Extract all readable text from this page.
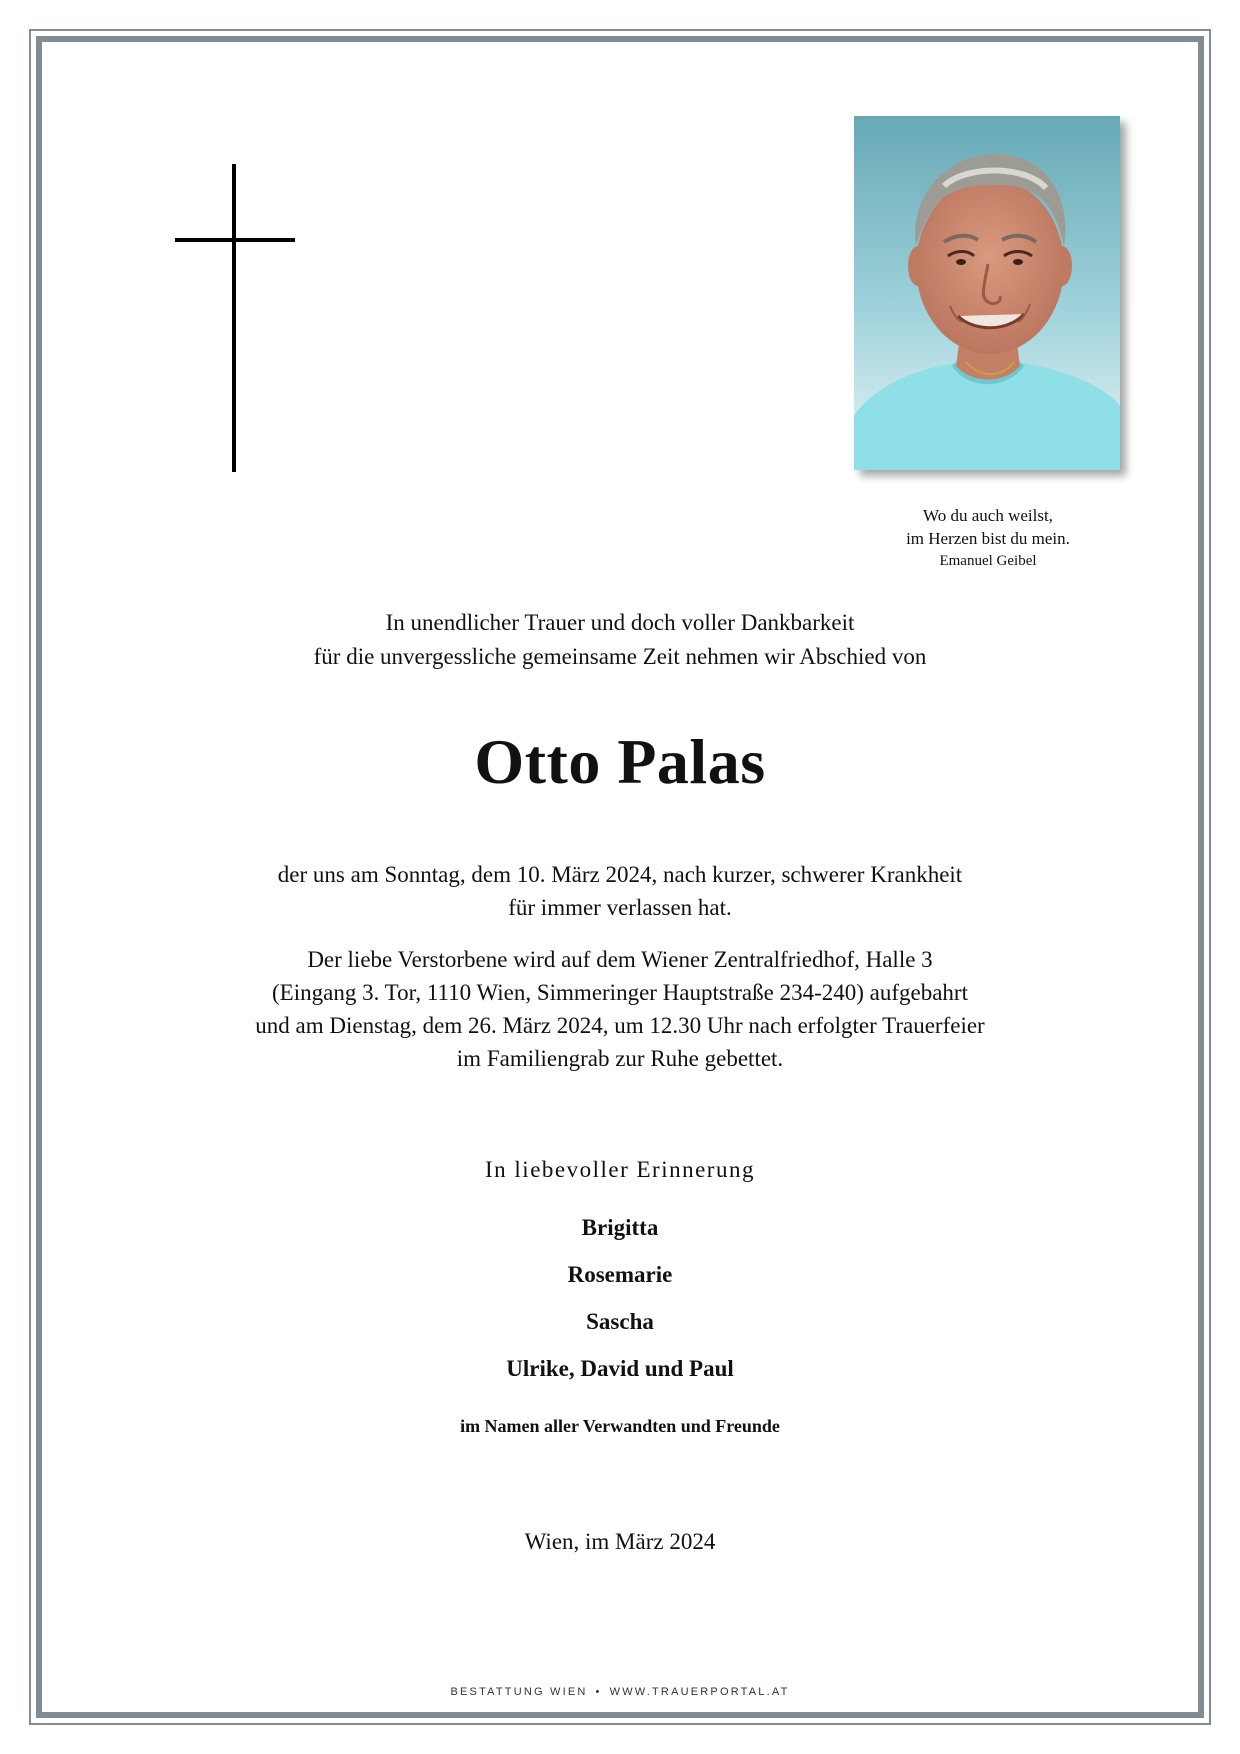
Wo du auch weilst,
im Herzen bist du mein.
Emanuel Geibel
In unendlicher Trauer und doch voller Dankbarkeit
für die unvergessliche gemeinsame Zeit nehmen wir Abschied von
Otto Palas
der uns am Sonntag, dem 10. März 2024, nach kurzer, schwerer Krankheit
für immer verlassen hat.
Der liebe Verstorbene wird auf dem Wiener Zentralfriedhof, Halle 3
(Eingang 3. Tor, 1110 Wien, Simmeringer Hauptstraße 234-240) aufgebahrt
und am Dienstag, dem 26. März 2024, um 12.30 Uhr nach erfolgter Trauerfeier
im Familiengrab zur Ruhe gebettet.
In liebevoller Erinnerung
Brigitta
Rosemarie
Sascha
Ulrike, David und Paul
im Namen aller Verwandten und Freunde
Wien, im März 2024
BESTATTUNG WIEN • WWW.TRAUERPORTAL.AT
